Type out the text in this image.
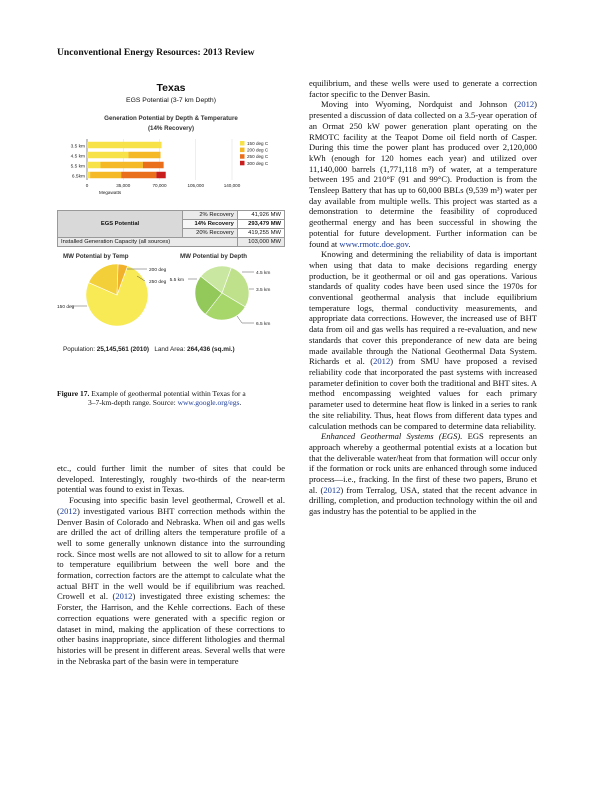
Unconventional Energy Resources: 2013 Review
Texas
EGS Potential (3-7 km Depth)
Generation Potential by Depth & Temperature
(14% Recovery)
0	35,000	70,000	105,000	140,000
3.5 km
4.5 km
5.5 km
6.5km
Megawatts
150 deg C
200 deg C
250 deg C
300 deg C
EGS Potential	2% Recovery	41,926 MW
	14% Recovery	293,479 MW
	20% Recovery	419,255 MW
Installed Generation Capacity (all sources)		103,000 MW
MW Potential by Temp	MW Potential by Depth
200 deg
250 deg
150 deg
5.5 km
4.5 km
3.5 km
6.5 km
Population: 25,145,561 (2010) Land Area: 264,436 (sq.mi.)
Figure 17. Example of geothermal potential within Texas for a
3–7-km-depth range. Source: www.google.org/egs.

etc., could further limit the number of sites that could be developed. Interestingly, roughly two-thirds of the near-term potential was found to exist in Texas.

Focusing into specific basin level geothermal, Crowell et al. (2012) investigated various BHT correction methods within the Denver Basin of Colorado and Nebraska. When oil and gas wells are drilled the act of drilling alters the temperature profile of a well to some generally unknown distance into the surrounding rock. Since most wells are not allowed to sit to allow for a return to temperature equilibrium between the well bore and the formation, correction factors are the attempt to calculate what the actual BHT in the well would be if equilibrium was reached. Crowell et al. (2012) investigated three existing schemes: the Forster, the Harrison, and the Kehle corrections. Each of these correction equations were generated with a specific region or dataset in mind, making the application of these corrections to other basins inappropriate, since different lithologies and thermal histories will be present in different areas. Several wells that were in the Nebraska part of the basin were in temperature

equilibrium, and these wells were used to generate a correction factor specific to the Denver Basin.

Moving into Wyoming, Nordquist and Johnson (2012) presented a discussion of data collected on a 3.5-year operation of an Ormat 250 kW power generation plant operating on the RMOTC facility at the Teapot Dome oil field north of Casper. During this time the power plant has produced over 2,120,000 kWh (enough for 120 homes each year) and utilized over 11,140,000 barrels (1,771,118 m³) of water, at a temperature between 195 and 210°F (91 and 99°C). Production is from the Tensleep Battery that has up to 60,000 BBLs (9,539 m³) water per day available from multiple wells. This project was started as a demonstration to determine the feasibility of coproduced geothermal energy and has been successful in showing the potential for future development. Further information can be found at www.rmotc.doe.gov.

Knowing and determining the reliability of data is important when using that data to make decisions regarding energy production, be it geothermal or oil and gas operations. Various standards of quality codes have been used since the 1970s for conventional geothermal analysis that include equilibrium temperature logs, thermal conductivity measurements, and appropriate data corrections. However, the increased use of BHT data from oil and gas wells has required a re-evaluation, and new standards that cover this preponderance of new data are being made available through the National Geothermal Data System. Richards et al. (2012) from SMU have proposed a revised reliability code that incorporated the past systems with increased parameter definition to cover both the traditional and BHT sites. A method encompassing weighted values for each primary parameter used to determine heat flow is linked in a series to rank the site reliability. Thus, heat flows from different data types and calculation methods can be compared to determine data reliability.

Enhanced Geothermal Systems (EGS). EGS represents an approach whereby a geothermal potential exists at a location but that the deliverable water/heat from that formation will occur only if the formation or rock units are enhanced through some induced process—i.e., fracking. In the first of these two papers, Bruno et al. (2012) from Terralog, USA, stated that the recent advance in drilling, completion, and production technology within the oil and gas industry has the potential to be applied in the
